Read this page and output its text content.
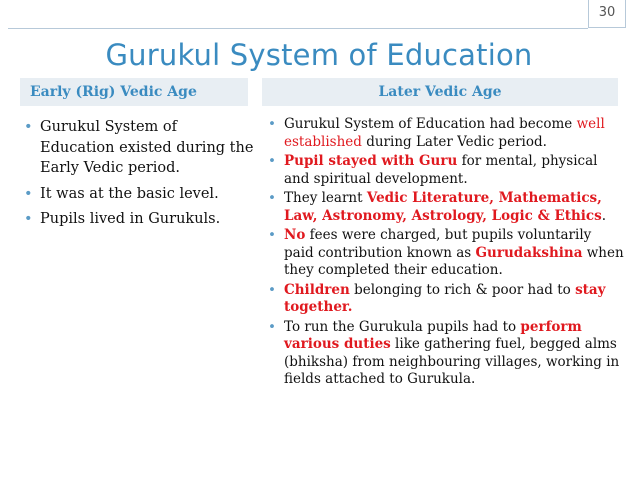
30
Gurukul System of Education
Early (Rig) Vedic Age	Later Vedic Age
• Gurukul System of Education existed during the Early Vedic period.
• It was at the basic level.
• Pupils lived in Gurukuls.
• Gurukul System of Education had become well established during Later Vedic period.
• Pupil stayed with Guru for mental, physical and spiritual development.
• They learnt Vedic Literature, Mathematics, Law, Astronomy, Astrology, Logic & Ethics.
• No fees were charged, but pupils voluntarily paid contribution known as Gurudakshina when they completed their education.
• Children belonging to rich & poor had to stay together.
• To run the Gurukula pupils had to perform various duties like gathering fuel, begged alms (bhiksha) from neighbouring villages, working in fields attached to Gurukula.
